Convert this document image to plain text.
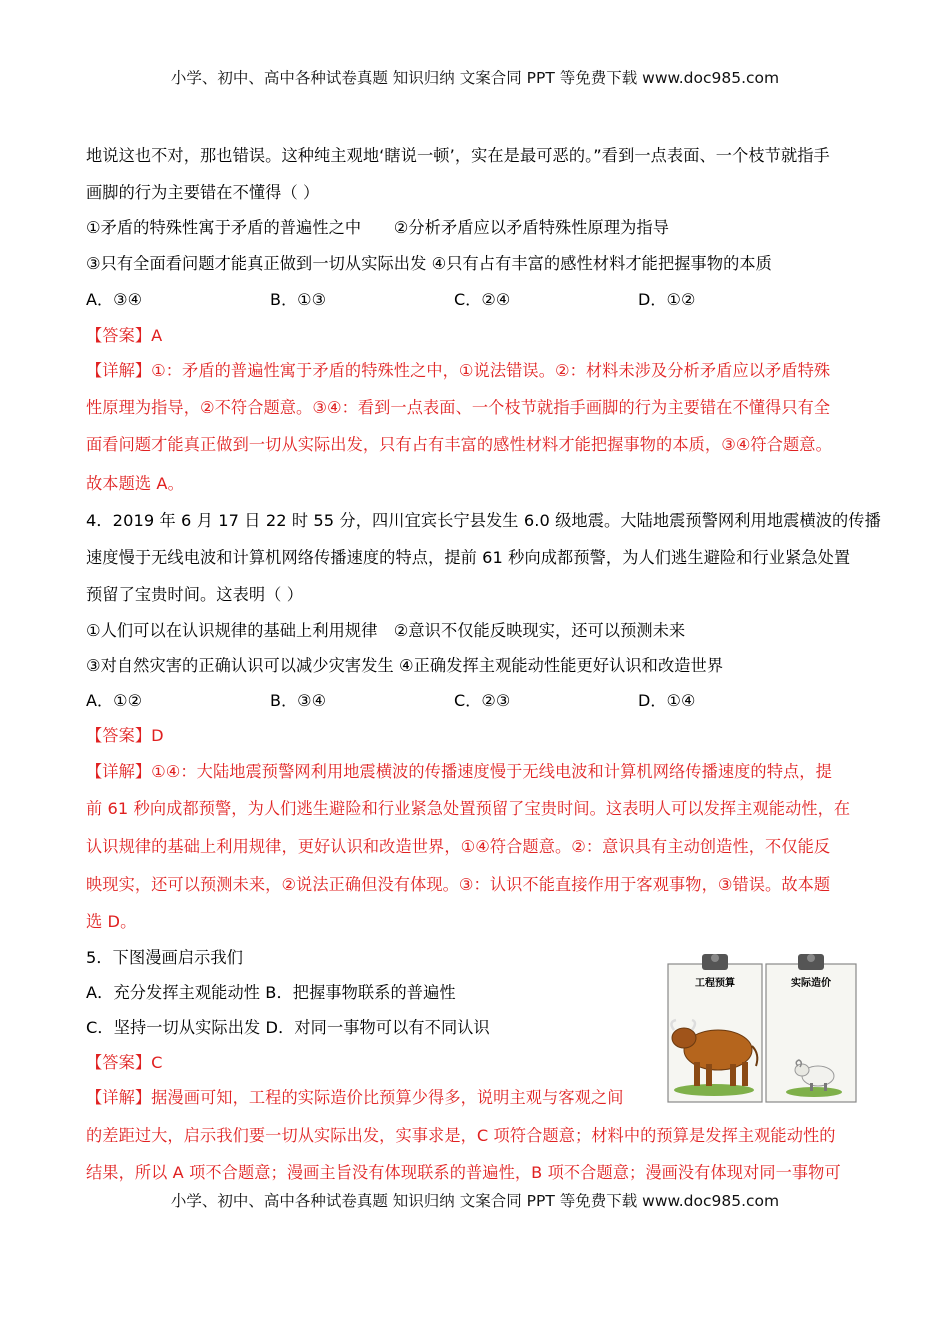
小学、初中、高中各种试卷真题 知识归纳 文案合同 PPT 等免费下载 www.doc985.com
地说这也不对，那也错误。这种纯主观地‘瞎说一顿’，实在是最可恶的。”看到一点表面、一个枝节就指手
画脚的行为主要错在不懂得（ ）
①矛盾的特殊性寓于矛盾的普遍性之中　　②分析矛盾应以矛盾特殊性原理为指导
③只有全面看问题才能真正做到一切从实际出发 ④只有占有丰富的感性材料才能把握事物的本质
A．③④	B．①③	C．②④	D．①②
【答案】A
【详解】①：矛盾的普遍性寓于矛盾的特殊性之中，①说法错误。②：材料未涉及分析矛盾应以矛盾特殊
性原理为指导，②不符合题意。③④：看到一点表面、一个枝节就指手画脚的行为主要错在不懂得只有全
面看问题才能真正做到一切从实际出发，只有占有丰富的感性材料才能把握事物的本质，③④符合题意。
故本题选 A。
4．2019 年 6 月 17 日 22 时 55 分，四川宜宾长宁县发生 6.0 级地震。大陆地震预警网利用地震横波的传播
速度慢于无线电波和计算机网络传播速度的特点，提前 61 秒向成都预警，为人们逃生避险和行业紧急处置
预留了宝贵时间。这表明（ ）
①人们可以在认识规律的基础上利用规律　②意识不仅能反映现实，还可以预测未来
③对自然灾害的正确认识可以减少灾害发生 ④正确发挥主观能动性能更好认识和改造世界
A．①②	B．③④	C．②③	D．①④
【答案】D
【详解】①④：大陆地震预警网利用地震横波的传播速度慢于无线电波和计算机网络传播速度的特点，提
前 61 秒向成都预警，为人们逃生避险和行业紧急处置预留了宝贵时间。这表明人可以发挥主观能动性，在
认识规律的基础上利用规律，更好认识和改造世界，①④符合题意。②：意识具有主动创造性，不仅能反
映现实，还可以预测未来，②说法正确但没有体现。③：认识不能直接作用于客观事物，③错误。故本题
选 D。
5．下图漫画启示我们
A．充分发挥主观能动性 B．把握事物联系的普遍性
C．坚持一切从实际出发 D．对同一事物可以有不同认识
【答案】C
【详解】据漫画可知，工程的实际造价比预算少得多，说明主观与客观之间
的差距过大，启示我们要一切从实际出发，实事求是，C 项符合题意；材料中的预算是发挥主观能动性的
结果，所以 A 项不合题意；漫画主旨没有体现联系的普遍性，B 项不合题意；漫画没有体现对同一事物可
工程预算	实际造价
小学、初中、高中各种试卷真题 知识归纳 文案合同 PPT 等免费下载 www.doc985.com
